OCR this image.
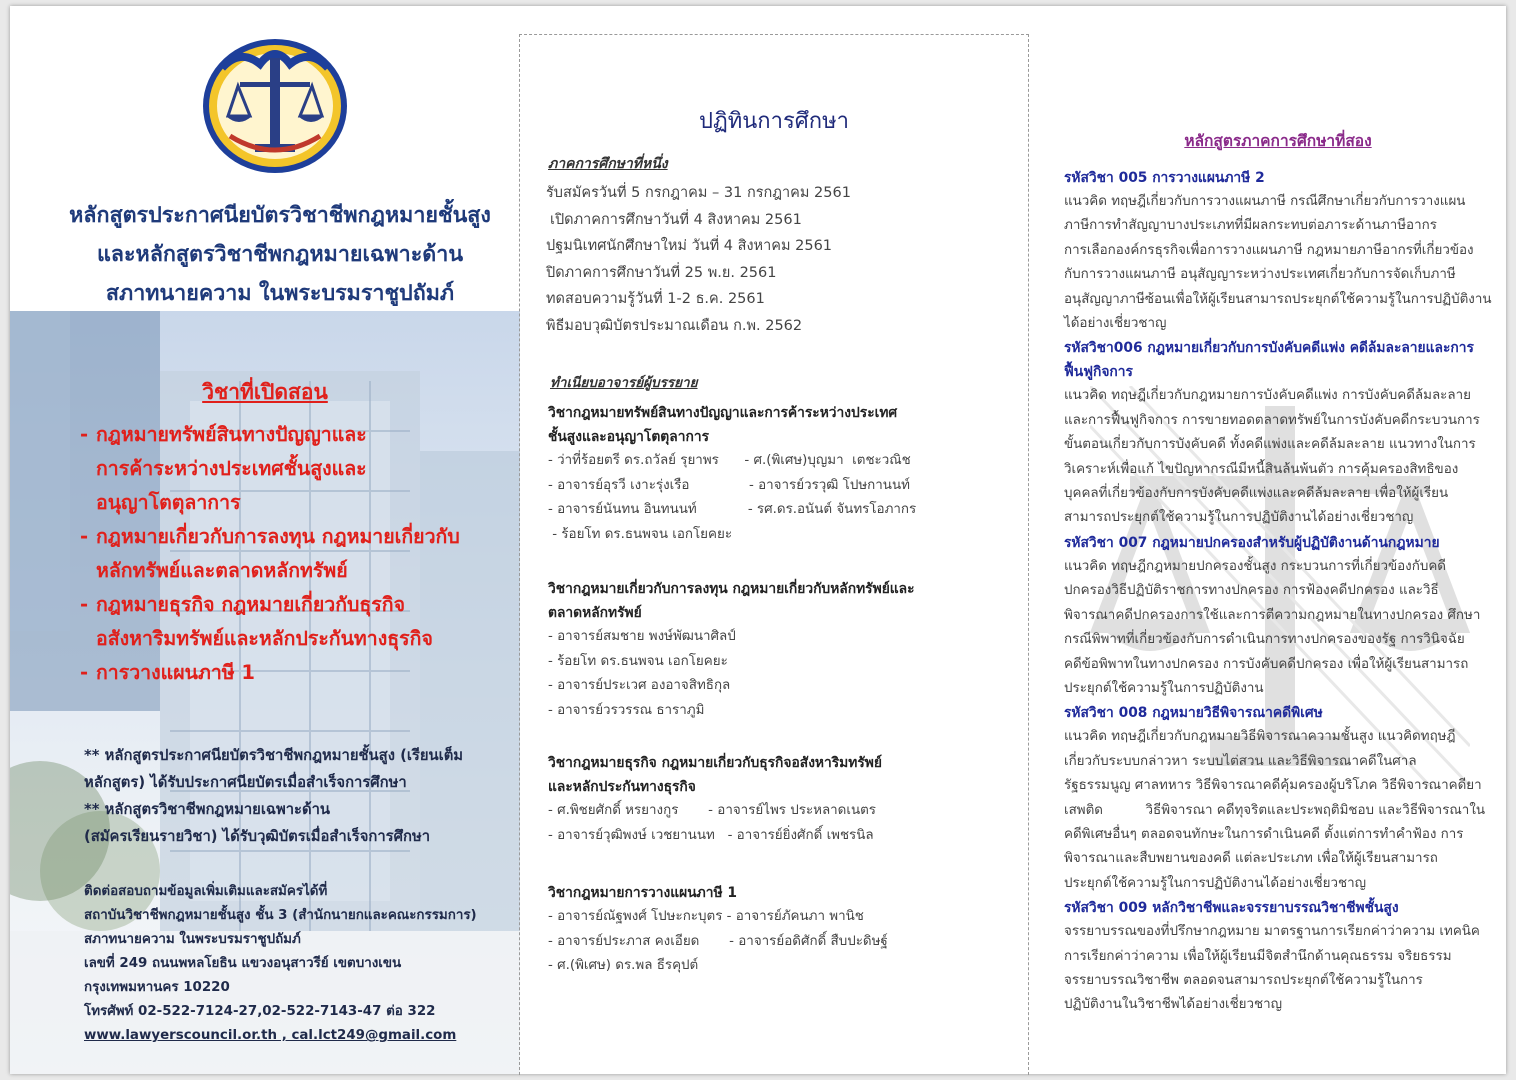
หลักสูตรประกาศนียบัตรวิชาชีพกฎหมายชั้นสูง
และหลักสูตรวิชาชีพกฎหมายเฉพาะด้าน
สภาทนายความ ในพระบรมราชูปถัมภ์
วิชาที่เปิดสอน
- กฎหมายทรัพย์สินทางปัญญาและ
การค้าระหว่างประเทศชั้นสูงและ
อนุญาโตตุลาการ
- กฎหมายเกี่ยวกับการลงทุน กฎหมายเกี่ยวกับ
หลักทรัพย์และตลาดหลักทรัพย์
- กฎหมายธุรกิจ กฎหมายเกี่ยวกับธุรกิจ
อสังหาริมทรัพย์และหลักประกันทางธุรกิจ
- การวางแผนภาษี 1
** หลักสูตรประกาศนียบัตรวิชาชีพกฎหมายชั้นสูง (เรียนเต็ม
หลักสูตร) ได้รับประกาศนียบัตรเมื่อสำเร็จการศึกษา
** หลักสูตรวิชาชีพกฎหมายเฉพาะด้าน
(สมัครเรียนรายวิชา) ได้รับวุฒิบัตรเมื่อสำเร็จการศึกษา
ติดต่อสอบถามข้อมูลเพิ่มเติมและสมัครได้ที่
สถาบันวิชาชีพกฎหมายชั้นสูง ชั้น 3 (สำนักนายกและคณะกรรมการ)
สภาทนายความ ในพระบรมราชูปถัมภ์
เลขที่ 249 ถนนพหลโยธิน แขวงอนุสาวรีย์ เขตบางเขน
กรุงเทพมหานคร 10220
โทรศัพท์ 02-522-7124-27,02-522-7143-47 ต่อ 322
www.lawyerscouncil.or.th , cal.lct249@gmail.com
ปฏิทินการศึกษา
ภาคการศึกษาที่หนึ่ง
รับสมัครวันที่ 5 กรกฎาคม – 31 กรกฎาคม 2561
เปิดภาคการศึกษาวันที่ 4 สิงหาคม 2561
ปฐมนิเทศนักศึกษาใหม่ วันที่ 4 สิงหาคม 2561
ปิดภาคการศึกษาวันที่ 25 พ.ย. 2561
ทดสอบความรู้วันที่ 1-2 ธ.ค. 2561
พิธีมอบวุฒิบัตรประมาณเดือน ก.พ. 2562
ทำเนียบอาจารย์ผู้บรรยาย
วิชากฎหมายทรัพย์สินทางปัญญาและการค้าระหว่างประเทศ
ชั้นสูงและอนุญาโตตุลาการ
- ว่าที่ร้อยตรี ดร.ถวัลย์ รุยาพร      - ศ.(พิเศษ)บุญมา  เตชะวณิช
- อาจารย์อุรวี เงาะรุ่งเรือ              - อาจารย์วรวุฒิ โปษกานนท์
- อาจารย์นันทน อินทนนท์            - รศ.ดร.อนันต์ จันทรโอภากร
- ร้อยโท ดร.ธนพจน เอกโยคยะ
วิชากฎหมายเกี่ยวกับการลงทุน กฎหมายเกี่ยวกับหลักทรัพย์และ
ตลาดหลักทรัพย์
- อาจารย์สมชาย พงษ์พัฒนาศิลป์
- ร้อยโท ดร.ธนพจน เอกโยคยะ
- อาจารย์ประเวศ องอาจสิทธิกุล
- อาจารย์วรวรรณ ธาราภูมิ
วิชากฎหมายธุรกิจ กฎหมายเกี่ยวกับธุรกิจอสังหาริมทรัพย์
และหลักประกันทางธุรกิจ
- ศ.พิชยศักดิ์ หรยางกูร       - อาจารย์ไพร ประหลาดเนตร
- อาจารย์วุฒิพงษ์ เวชยานนท   - อาจารย์ยิ่งศักดิ์ เพชรนิล
วิชากฎหมายการวางแผนภาษี 1
- อาจารย์ณัฐพงศ์ โปษะกะบุตร - อาจารย์ภัคนภา พานิช
- อาจารย์ประภาส คงเอียด       - อาจารย์อดิศักดิ์ สืบปะดิษฐ์
- ศ.(พิเศษ) ดร.พล ธีรคุปต์
หลักสูตรภาคการศึกษาที่สอง
รหัสวิชา 005 การวางแผนภาษี 2
แนวคิด ทฤษฎีเกี่ยวกับการวางแผนภาษี กรณีศึกษาเกี่ยวกับการวางแผน
ภาษีการทำสัญญาบางประเภทที่มีผลกระทบต่อภาระด้านภาษีอากร
การเลือกองค์กรธุรกิจเพื่อการวางแผนภาษี กฎหมายภาษีอากรที่เกี่ยวข้อง
กับการวางแผนภาษี อนุสัญญาระหว่างประเทศเกี่ยวกับการจัดเก็บภาษี
อนุสัญญาภาษีซ้อนเพื่อให้ผู้เรียนสามารถประยุกต์ใช้ความรู้ในการปฏิบัติงาน
ได้อย่างเชี่ยวชาญ
รหัสวิชา006 กฎหมายเกี่ยวกับการบังคับคดีแพ่ง คดีล้มละลายและการ
ฟื้นฟูกิจการ
แนวคิด ทฤษฎีเกี่ยวกับกฎหมายการบังคับคดีแพ่ง การบังคับคดีล้มละลาย
และการฟื้นฟูกิจการ การขายทอดตลาดทรัพย์ในการบังคับคดีกระบวนการ
ขั้นตอนเกี่ยวกับการบังคับคดี ทั้งคดีแพ่งและคดีล้มละลาย แนวทางในการ
วิเคราะห์เพื่อแก้ ไขปัญหากรณีมีหนี้สินล้นพ้นตัว การคุ้มครองสิทธิของ
บุคคลที่เกี่ยวข้องกับการบังคับคดีแพ่งและคดีล้มละลาย เพื่อให้ผู้เรียน
สามารถประยุกต์ใช้ความรู้ในการปฏิบัติงานได้อย่างเชี่ยวชาญ
รหัสวิชา 007 กฎหมายปกครองสำหรับผู้ปฏิบัติงานด้านกฎหมาย
แนวคิด ทฤษฎีกฎหมายปกครองชั้นสูง กระบวนการที่เกี่ยวข้องกับคดี
ปกครองวิธีปฏิบัติราชการทางปกครอง การฟ้องคดีปกครอง และวิธี
พิจารณาคดีปกครองการใช้และการตีความกฎหมายในทางปกครอง ศึกษา
กรณีพิพาทที่เกี่ยวข้องกับการดำเนินการทางปกครองของรัฐ การวินิจฉัย
คดีข้อพิพาทในทางปกครอง การบังคับคดีปกครอง เพื่อให้ผู้เรียนสามารถ
ประยุกต์ใช้ความรู้ในการปฏิบัติงาน
รหัสวิชา 008 กฎหมายวิธีพิจารณาคดีพิเศษ
แนวคิด ทฤษฎีเกี่ยวกับกฎหมายวิธีพิจารณาความชั้นสูง แนวคิดทฤษฎี
เกี่ยวกับระบบกล่าวหา ระบบไต่สวน และวิธีพิจารณาคดีในศาล
รัฐธรรมนูญ ศาลทหาร วิธีพิจารณาคดีคุ้มครองผู้บริโภค วิธีพิจารณาคดียา
เสพติด          วิธีพิจารณา คดีทุจริตและประพฤติมิชอบ และวิธีพิจารณาใน
คดีพิเศษอื่นๆ ตลอดจนทักษะในการดำเนินคดี ตั้งแต่การทำคำฟ้อง การ
พิจารณาและสืบพยานของคดี แต่ละประเภท เพื่อให้ผู้เรียนสามารถ
ประยุกต์ใช้ความรู้ในการปฏิบัติงานได้อย่างเชี่ยวชาญ
รหัสวิชา 009 หลักวิชาชีพและจรรยาบรรณวิชาชีพชั้นสูง
จรรยาบรรณของที่ปรึกษากฎหมาย มาตรฐานการเรียกค่าว่าความ เทคนิค
การเรียกค่าว่าความ เพื่อให้ผู้เรียนมีจิตสำนึกด้านคุณธรรม จริยธรรม
จรรยาบรรณวิชาชีพ ตลอดจนสามารถประยุกต์ใช้ความรู้ในการ
ปฏิบัติงานในวิชาชีพได้อย่างเชี่ยวชาญ
